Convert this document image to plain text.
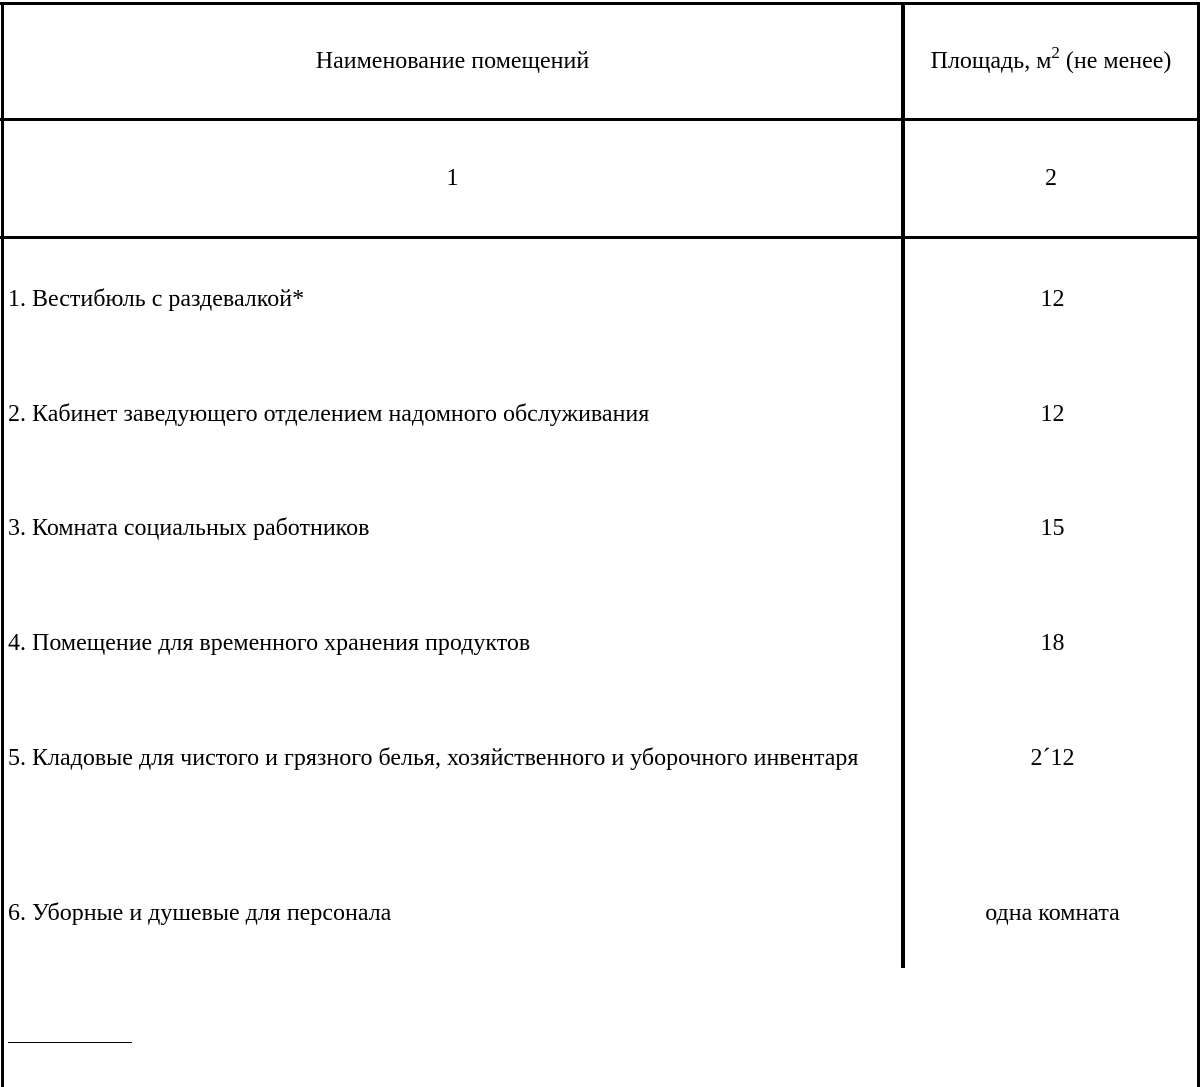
Наименование помещений	Площадь, $м^2$ (не менее)
1	2
1. Вестибюль с раздевалкой*	12
2. Кабинет заведующего отделением надомного обслуживания	12
3. Комната социальных работников	15
4. Помещение для временного хранения продуктов	18
5. Кладовые для чистого и грязного белья, хозяйственного и уборочного инвентаря	2´12
6. Уборные и душевые для персонала	одна комната
